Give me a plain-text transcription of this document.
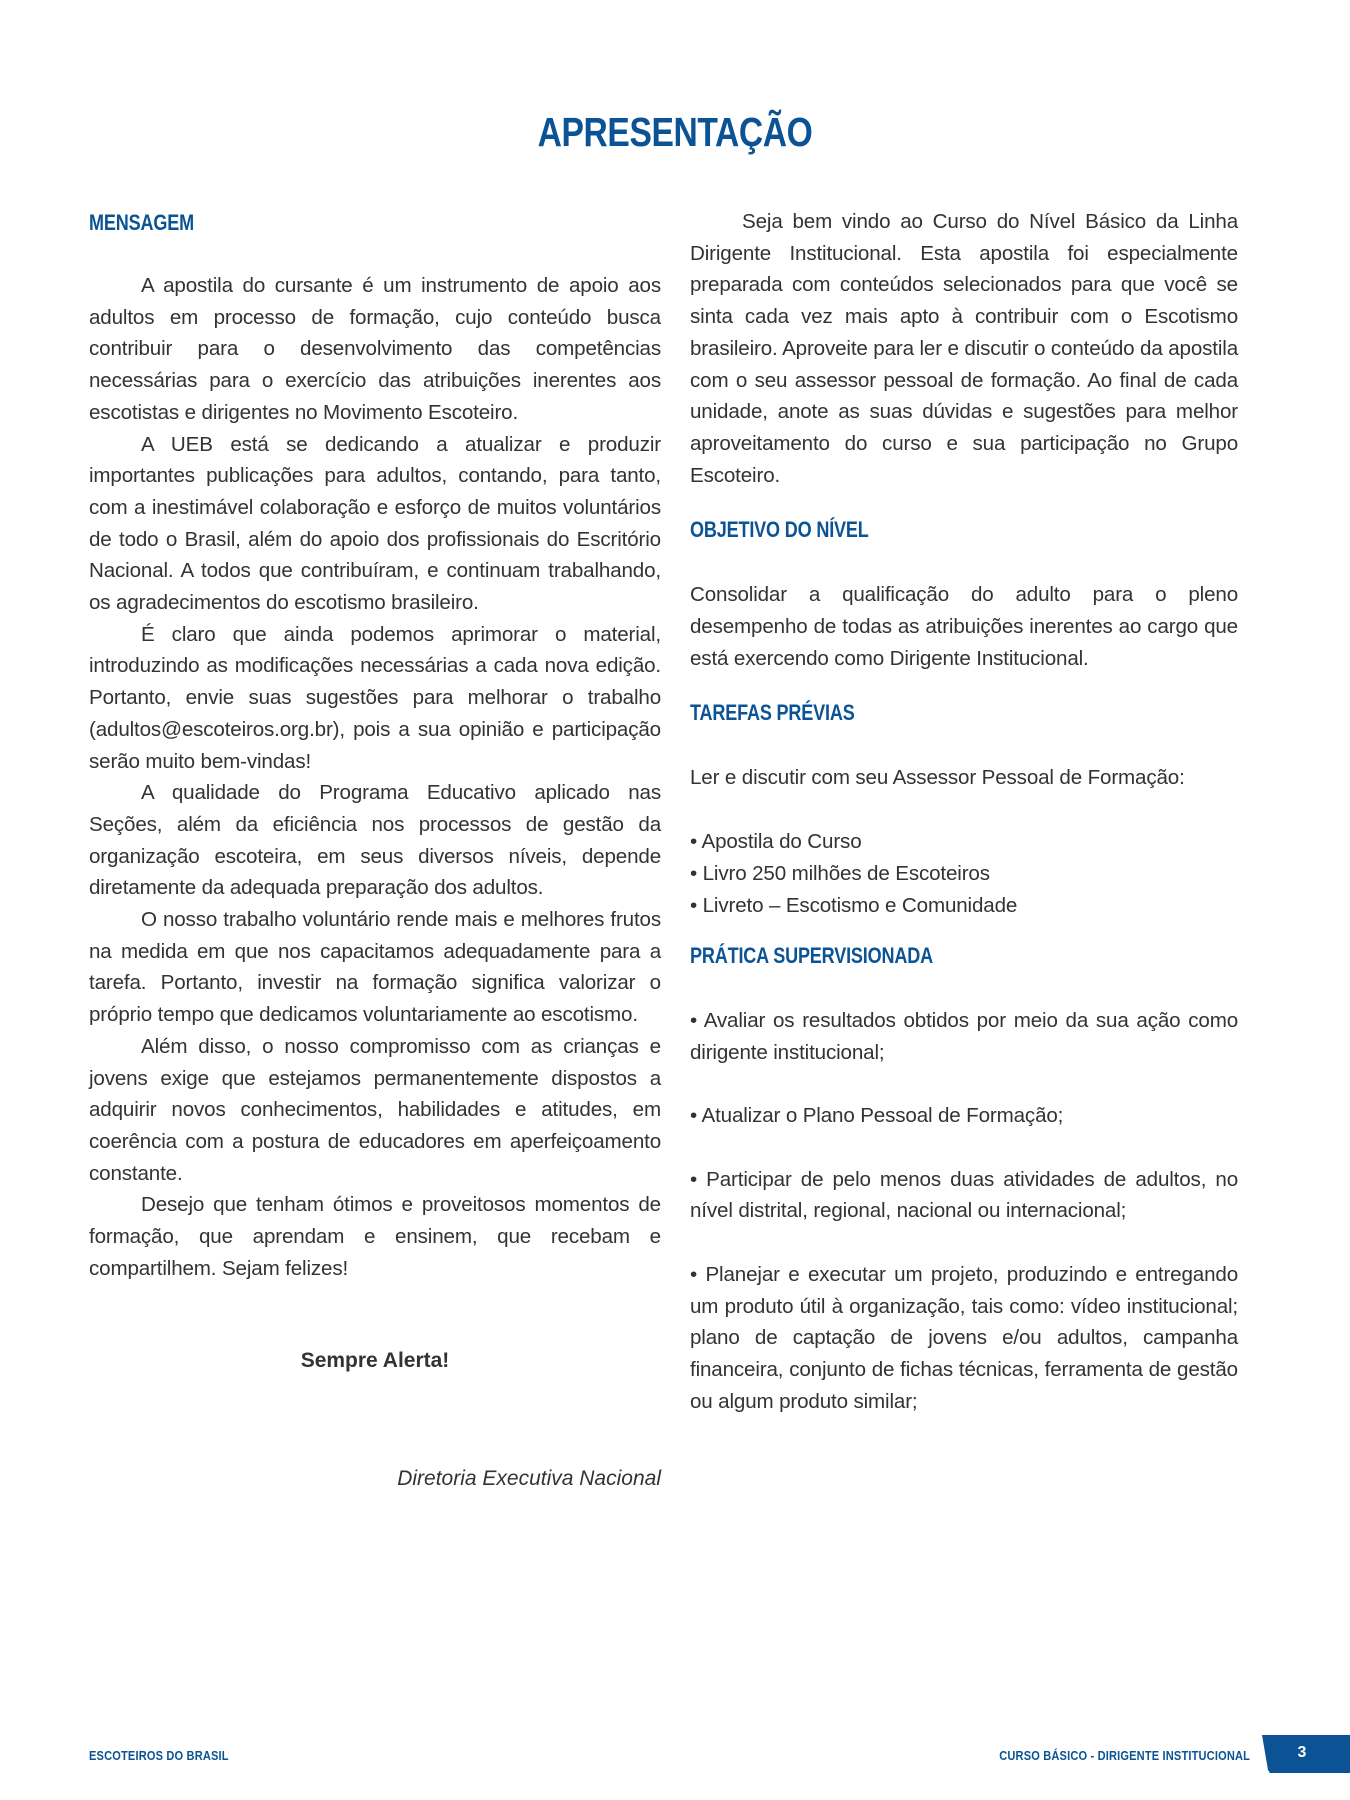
APRESENTAÇÃO
MENSAGEM

A apostila do cursante é um instrumento de apoio aos adultos em processo de formação, cujo conteúdo busca contribuir para o desenvolvimento das competências necessárias para o exercício das atribuições inerentes aos escotistas e dirigentes no Movimento Escoteiro.

A UEB está se dedicando a atualizar e produzir importantes publicações para adultos, contando, para tanto, com a inestimável colaboração e esforço de muitos voluntários de todo o Brasil, além do apoio dos profissionais do Escritório Nacional. A todos que contribuíram, e continuam trabalhando, os agradecimentos do escotismo brasileiro.

É claro que ainda podemos aprimorar o material, introduzindo as modificações necessárias a cada nova edição. Portanto, envie suas sugestões para melhorar o trabalho (adultos@escoteiros.org.br), pois a sua opinião e participação serão muito bem-vindas!

A qualidade do Programa Educativo aplicado nas Seções, além da eficiência nos processos de gestão da organização escoteira, em seus diversos níveis, depende diretamente da adequada preparação dos adultos.

O nosso trabalho voluntário rende mais e melhores frutos na medida em que nos capacitamos adequadamente para a tarefa. Portanto, investir na formação significa valorizar o próprio tempo que dedicamos voluntariamente ao escotismo.

Além disso, o nosso compromisso com as crianças e jovens exige que estejamos permanentemente dispostos a adquirir novos conhecimentos, habilidades e atitudes, em coerência com a postura de educadores em aperfeiçoamento constante.

Desejo que tenham ótimos e proveitosos momentos de formação, que aprendam e ensinem, que recebam e compartilhem. Sejam felizes!

Sempre Alerta!

Diretoria Executiva Nacional

Seja bem vindo ao Curso do Nível Básico da Linha Dirigente Institucional. Esta apostila foi especialmente preparada com conteúdos selecionados para que você se sinta cada vez mais apto à contribuir com o Escotismo brasileiro. Aproveite para ler e discutir o conteúdo da apostila com o seu assessor pessoal de formação. Ao final de cada unidade, anote as suas dúvidas e sugestões para melhor aproveitamento do curso e sua participação no Grupo Escoteiro.

OBJETIVO DO NÍVEL

Consolidar a qualificação do adulto para o pleno desempenho de todas as atribuições inerentes ao cargo que está exercendo como Dirigente Institucional.

TAREFAS PRÉVIAS

Ler e discutir com seu Assessor Pessoal de Formação:

• Apostila do Curso
• Livro 250 milhões de Escoteiros
• Livreto – Escotismo e Comunidade
PRÁTICA SUPERVISIONADA
• Avaliar os resultados obtidos por meio da sua ação como dirigente institucional;
• Atualizar o Plano Pessoal de Formação;
• Participar de pelo menos duas atividades de adultos, no nível distrital, regional, nacional ou internacional;
• Planejar e executar um projeto, produzindo e entregando um produto útil à organização, tais como: vídeo institucional; plano de captação de jovens e/ou adultos, campanha financeira, conjunto de fichas técnicas, ferramenta de gestão ou algum produto similar;
ESCOTEIROS DO BRASIL	CURSO BÁSICO - DIRIGENTE INSTITUCIONAL	3
